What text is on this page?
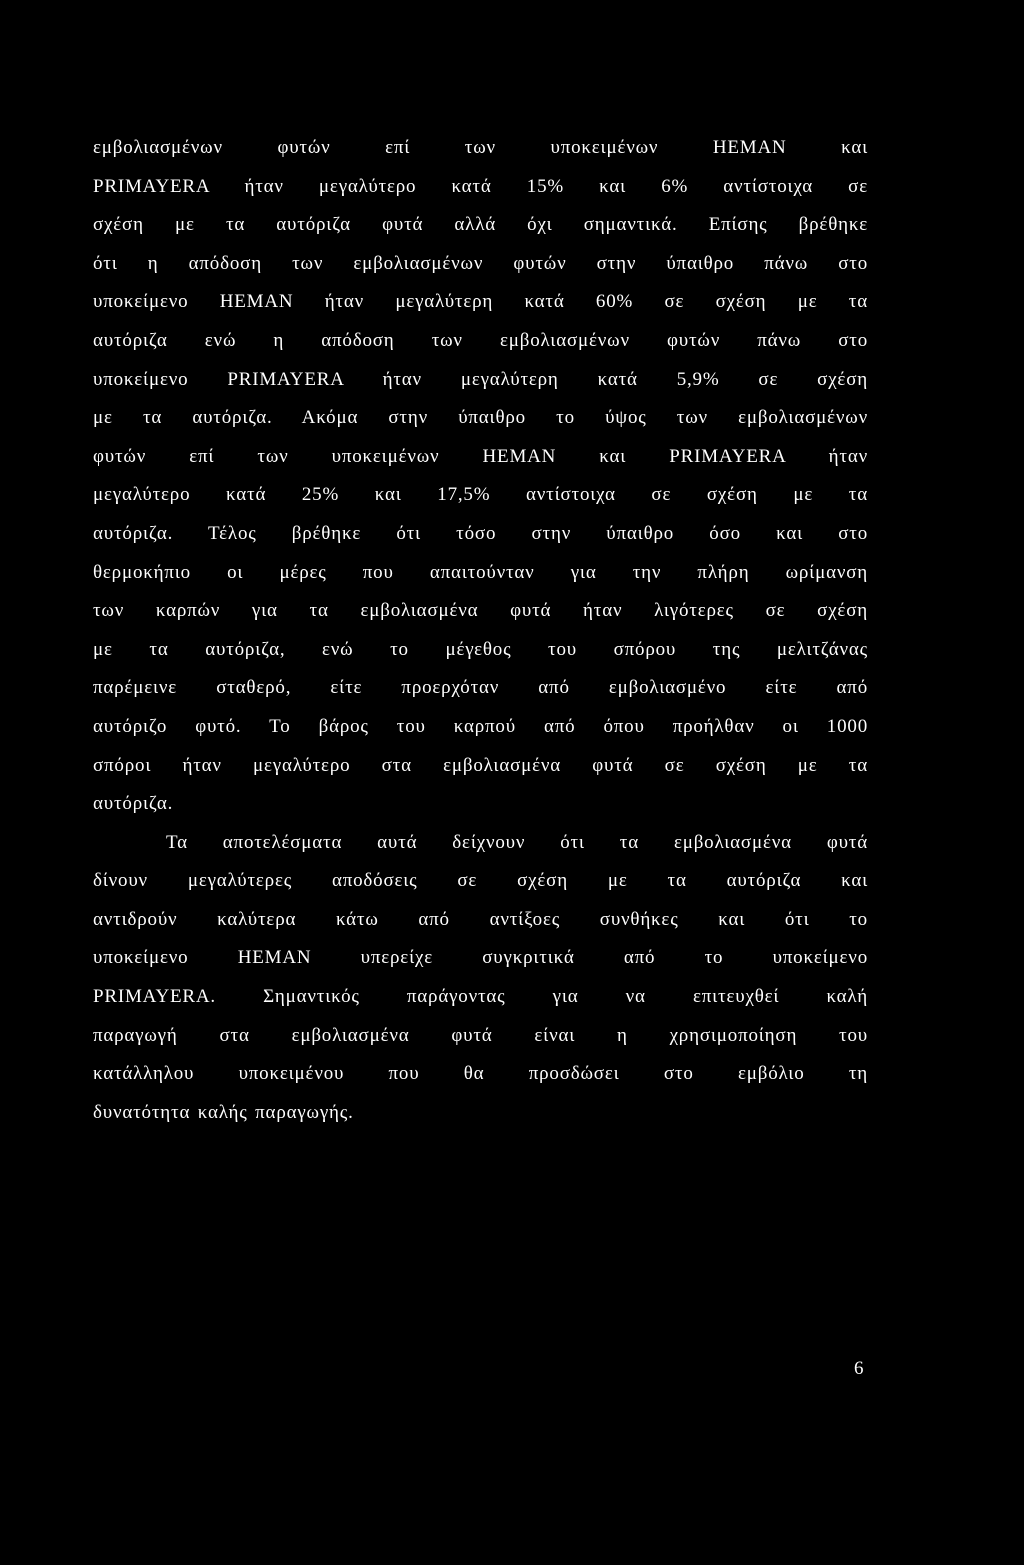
εμβολιασμένων φυτών επί των υποκειμένων HEMAN και
PRIMAYERA ήταν μεγαλύτερο κατά 15% και 6% αντίστοιχα σε
σχέση με τα αυτόριζα φυτά αλλά όχι σημαντικά. Επίσης βρέθηκε
ότι η απόδοση των εμβολιασμένων φυτών στην ύπαιθρο πάνω στο
υποκείμενο HEMAN ήταν μεγαλύτερη κατά 60% σε σχέση με τα
αυτόριζα ενώ η απόδοση των εμβολιασμένων φυτών πάνω στο
υποκείμενο PRIMAYERA ήταν μεγαλύτερη κατά 5,9% σε σχέση
με τα αυτόριζα. Ακόμα στην ύπαιθρο το ύψος των εμβολιασμένων
φυτών επί των υποκειμένων HEMAN και PRIMAYERA ήταν
μεγαλύτερο κατά 25% και 17,5% αντίστοιχα σε σχέση με τα
αυτόριζα. Τέλος βρέθηκε ότι τόσο στην ύπαιθρο όσο και στο
θερμοκήπιο οι μέρες που απαιτούνταν για την πλήρη ωρίμανση
των καρπών για τα εμβολιασμένα φυτά ήταν λιγότερες σε σχέση
με τα αυτόριζα, ενώ το μέγεθος του σπόρου της μελιτζάνας
παρέμεινε σταθερό, είτε προερχόταν από εμβολιασμένο είτε από
αυτόριζο φυτό. Το βάρος του καρπού από όπου προήλθαν οι 1000
σπόροι ήταν μεγαλύτερο στα εμβολιασμένα φυτά σε σχέση με τα
αυτόριζα.
Τα αποτελέσματα αυτά δείχνουν ότι τα εμβολιασμένα φυτά
δίνουν μεγαλύτερες αποδόσεις σε σχέση με τα αυτόριζα και
αντιδρούν καλύτερα κάτω από αντίξοες συνθήκες και ότι το
υποκείμενο HEMAN υπερείχε συγκριτικά από το υποκείμενο
PRIMAYERA. Σημαντικός παράγοντας για να επιτευχθεί καλή
παραγωγή στα εμβολιασμένα φυτά είναι η χρησιμοποίηση του
κατάλληλου υποκειμένου που θα προσδώσει στο εμβόλιο τη
δυνατότητα καλής παραγωγής.
6
